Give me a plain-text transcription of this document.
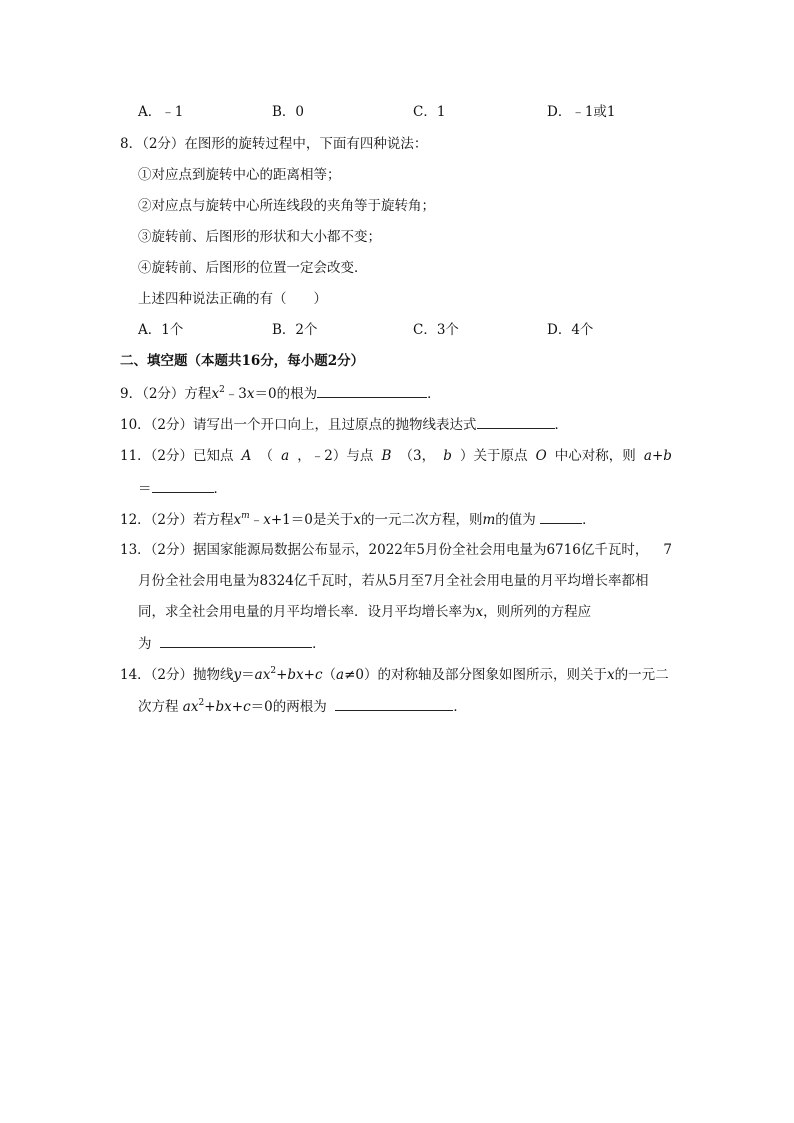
A．﹣1	B．0	C．1	D．﹣1或1
8．（2分）在图形的旋转过程中，下面有四种说法：
①对应点到旋转中心的距离相等；
②对应点与旋转中心所连线段的夹角等于旋转角；
③旋转前、后图形的形状和大小都不变；
④旋转前、后图形的位置一定会改变．
上述四种说法正确的有（　　）
A．1个	B．2个	C．3个	D．4个
二、填空题（本题共16分，每小题2分）
9．（2分）方程$x^2﹣3x=0$的根为	．
10．（2分）请写出一个开口向上，且过原点的抛物线表达式	．
11．（2分）已知点 A （ a ，﹣2）与点 B （3， b ）关于原点 O 中心对称，则 a+b
＝	．
12．（2分）若方程$x^m﹣x+1=0$是关于x的一元二次方程，则m的值为	．
13．（2分）据国家能源局数据公布显示，2022年5月份全社会用电量为6716亿千瓦时， 7
月份全社会用电量为8324亿千瓦时，若从5月至7月全社会用电量的月平均增长率都相
同，求全社会用电量的月平均增长率．设月平均增长率为x，则所列的方程应
为	．
14．（2分）抛物线$y=ax^2+bx+c(a\ne 0)$的对称轴及部分图象如图所示，则关于x的一元二
次方程 $ax^2+bx+c=0$的两根为	．
